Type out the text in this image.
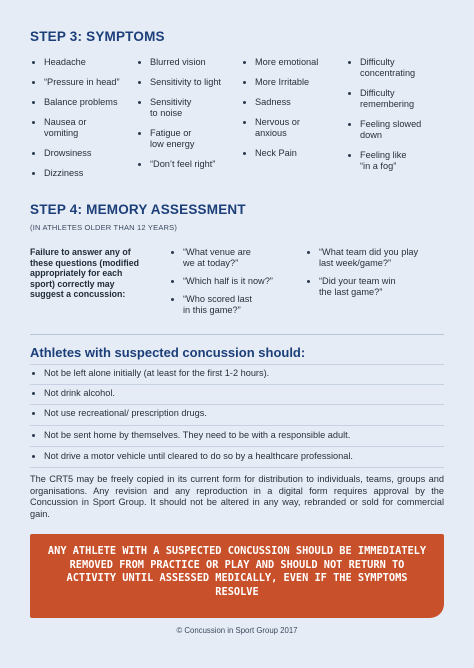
STEP 3: SYMPTOMS
Headache
“Pressure in head”
Balance problems
Nausea or
vomiting
Drowsiness
Dizziness
Blurred vision
Sensitivity to light
Sensitivity
to noise
Fatigue or
low energy
“Don’t feel right”
More emotional
More Irritable
Sadness
Nervous or
anxious
Neck Pain
Difficulty
concentrating
Difficulty
remembering
Feeling slowed
down
Feeling like
“in a fog”
STEP 4: MEMORY ASSESSMENT
(IN ATHLETES OLDER THAN 12 YEARS)
Failure to answer any of these questions (modified appropriately for each sport) correctly may suggest a concussion:
“What venue are
we at today?”
“Which half is it now?”
“Who scored last
in this game?”
“What team did you play
last week/game?”
“Did your team win
the last game?”
Athletes with suspected concussion should:
Not be left alone initially (at least for the first 1-2 hours).
Not drink alcohol.
Not use recreational/ prescription drugs.
Not be sent home by themselves. They need to be with a responsible adult.
Not drive a motor vehicle until cleared to do so by a healthcare professional.
The CRT5 may be freely copied in its current form for distribution to individuals, teams, groups and organisations. Any revision and any reproduction in a digital form requires approval by the Concussion in Sport Group. It should not be altered in any way, rebranded or sold for commercial gain.
ANY ATHLETE WITH A SUSPECTED CONCUSSION SHOULD BE IMMEDIATELY REMOVED FROM PRACTICE OR PLAY AND SHOULD NOT RETURN TO ACTIVITY UNTIL ASSESSED MEDICALLY, EVEN IF THE SYMPTOMS RESOLVE
© Concussion in Sport Group 2017
